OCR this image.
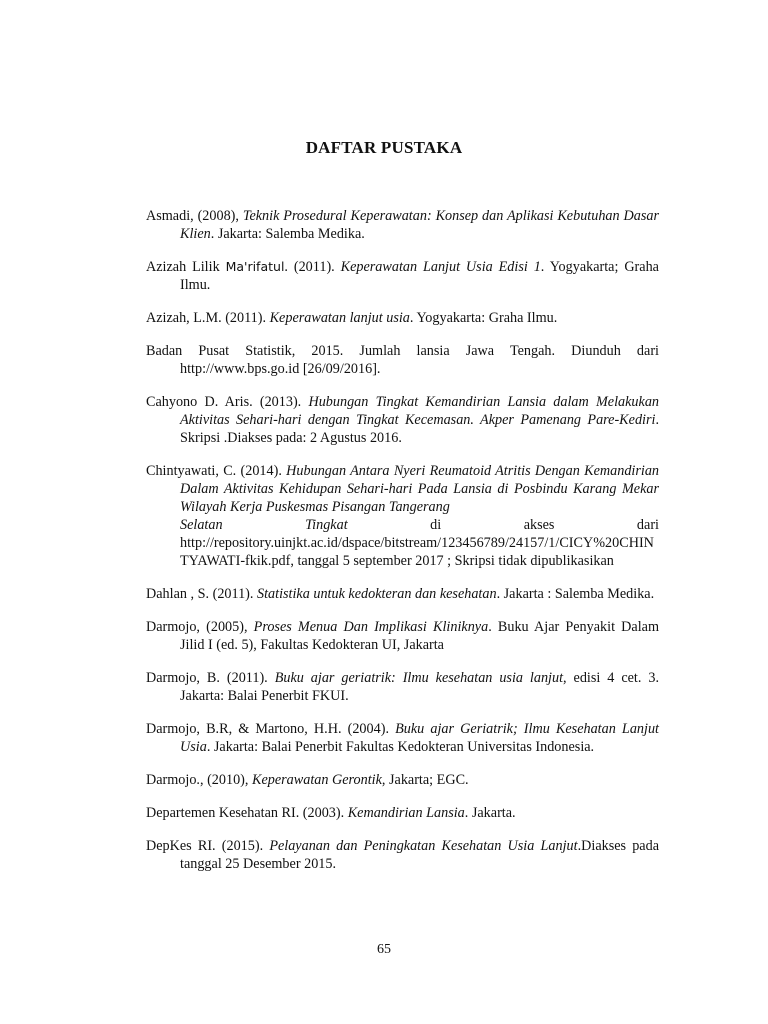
DAFTAR PUSTAKA

Asmadi, (2008), Teknik Prosedural Keperawatan: Konsep dan Aplikasi Kebutuhan Dasar Klien. Jakarta: Salemba Medika.

Azizah Lilik Ma'rifatul. (2011). Keperawatan Lanjut Usia Edisi 1. Yogyakarta; Graha Ilmu.

Azizah, L.M. (2011). Keperawatan lanjut usia. Yogyakarta: Graha Ilmu.

Badan Pusat Statistik, 2015. Jumlah lansia Jawa Tengah. Diunduh dari http://www.bps.go.id [26/09/2016].

Cahyono D. Aris. (2013). Hubungan Tingkat Kemandirian Lansia dalam Melakukan Aktivitas Sehari-hari dengan Tingkat Kecemasan. Akper Pamenang Pare-Kediri. Skripsi .Diakses pada: 2 Agustus 2016.

Chintyawati, C. (2014). Hubungan Antara Nyeri Reumatoid Atritis Dengan Kemandirian Dalam Aktivitas Kehidupan Sehari-hari Pada Lansia di Posbindu Karang Mekar Wilayah Kerja Puskesmas Pisangan Tangerang
Selatan	Tingkat	di	akses	dari
http://repository.uinjkt.ac.id/dspace/bitstream/123456789/24157/1/CICY%20CHINTYAWATI-fkik.pdf, tanggal 5 september 2017 ; Skripsi tidak dipublikasikan

Dahlan , S. (2011). Statistika untuk kedokteran dan kesehatan. Jakarta : Salemba Medika.

Darmojo, (2005), Proses Menua Dan Implikasi Kliniknya. Buku Ajar Penyakit Dalam Jilid I (ed. 5), Fakultas Kedokteran UI, Jakarta

Darmojo, B. (2011). Buku ajar geriatrik: Ilmu kesehatan usia lanjut, edisi 4 cet. 3. Jakarta: Balai Penerbit FKUI.

Darmojo, B.R, & Martono, H.H. (2004). Buku ajar Geriatrik; Ilmu Kesehatan Lanjut Usia. Jakarta: Balai Penerbit Fakultas Kedokteran Universitas Indonesia.

Darmojo., (2010), Keperawatan Gerontik, Jakarta; EGC.

Departemen Kesehatan RI. (2003). Kemandirian Lansia. Jakarta.

DepKes RI. (2015). Pelayanan dan Peningkatan Kesehatan Usia Lanjut.Diakses pada tanggal 25 Desember 2015.

65
